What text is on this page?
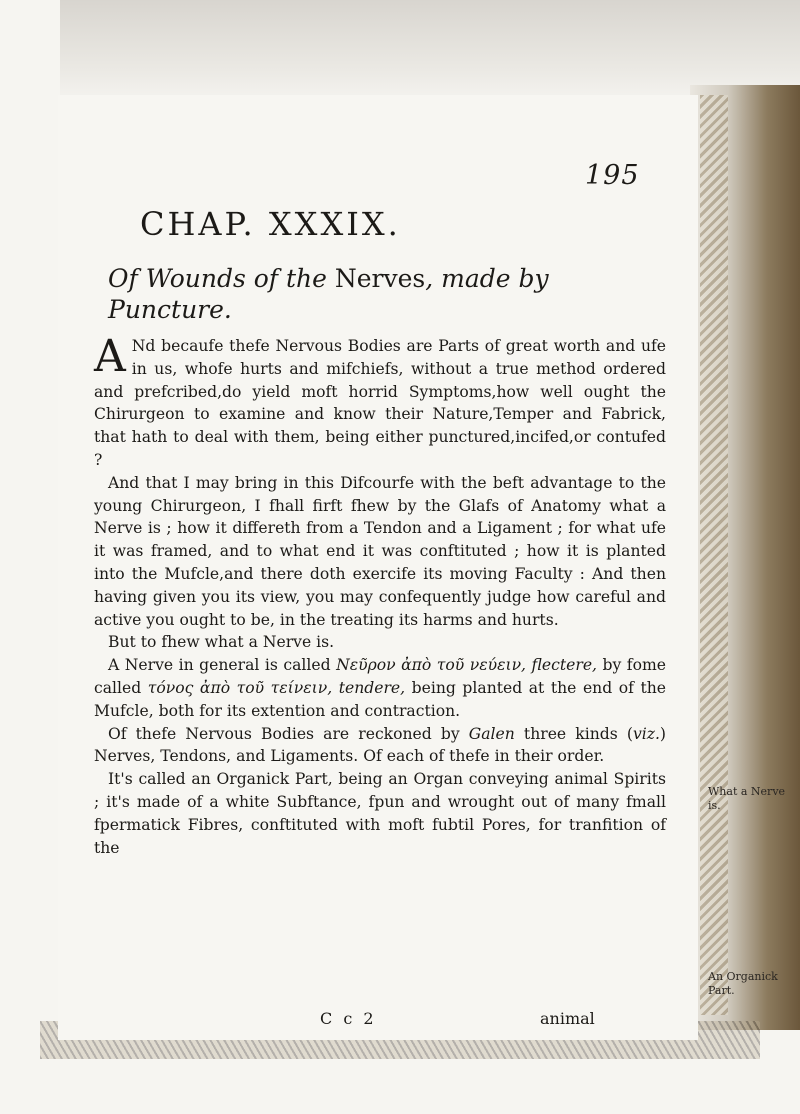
195
CHAP. XXXIX.
Of Wounds of the Nerves, made by Puncture.

A Nd becaufe thefe Nervous Bodies are Parts of great worth and ufe in us, whofe hurts and mifchiefs, without a true method ordered and prefcribed,do yield moft horrid Symptoms,how well ought the Chirurgeon to examine and know their Nature,Temper and Fabrick, that hath to deal with them, being either punctured,incifed,or contufed ?

And that I may bring in this Difcourfe with the beft advantage to the young Chirurgeon, I fhall firft fhew by the Glafs of Anatomy what a Nerve is ; how it differeth from a Tendon and a Ligament ; for what ufe it was framed, and to what end it was conftituted ; how it is planted into the Mufcle,and there doth exercife its moving Faculty : And then having given you its view, you may confequently judge how careful and active you ought to be, in the treating its harms and hurts.

But to fhew what a Nerve is.

A Nerve in general is called Νεῦρον ἀπὸ τοῦ νεύειν, flectere, by fome called τόνος ἀπὸ τοῦ τείνειν, tendere, being planted at the end of the Mufcle, both for its extention and contraction.

Of thefe Nervous Bodies are reckoned by Galen three kinds (viz.) Nerves, Tendons, and Ligaments. Of each of thefe in their order.

It's called an Organick Part, being an Organ conveying animal Spirits ; it's made of a white Subftance, fpun and wrought out of many fmall fpermatick Fibres, conftituted with moft fubtil Pores, for tranfition of the

What a Nerve is.
An Organick Part.
C c 2	animal
